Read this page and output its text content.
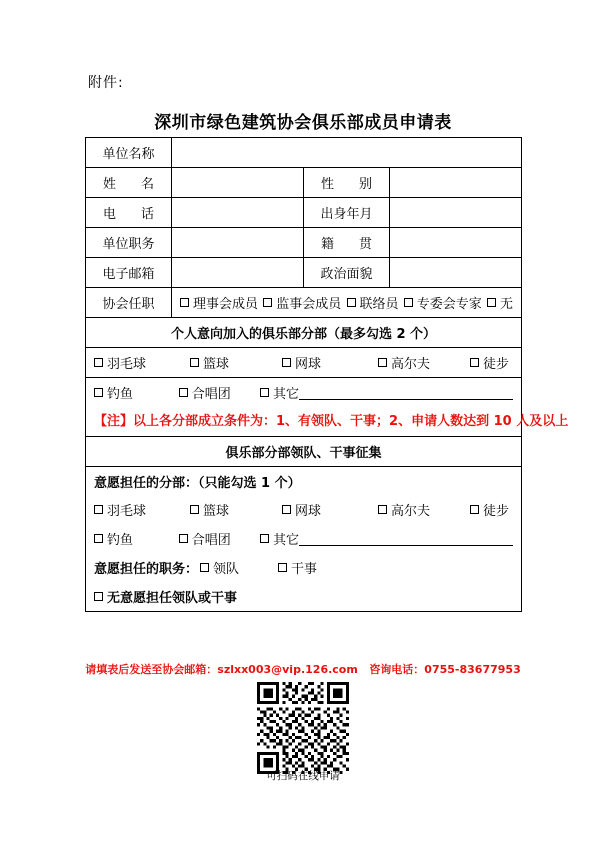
附件:
深圳市绿色建筑协会俱乐部成员申请表
单位名称			
姓　名		性　别	
电　话		出身年月	
单位职务		籍　贯	
电子邮箱		政治面貌	
协会任职	理事会成员 监事会成员 联络员 专委会专家 无		

个人意向加入的俱乐部分部（最多勾选 2 个）			

羽毛球 篮球 网球 高尔夫 徒步			

钓鱼 合唱团 其它			

【注】以上各分部成立条件为：1、有领队、干事；2、申请人数达到 10 人及以上			
俱乐部分部领队、干事征集			
意愿担任的分部：（只能勾选 1 个）			

羽毛球 篮球 网球 高尔夫 徒步			

钓鱼 合唱团 其它			

意愿担任的职务： 领队 干事			

无意愿担任领队或干事			
请填表后发送至协会邮箱：szlxx003@vip.126.com 咨询电话：0755-83677953
可扫码在线申请
